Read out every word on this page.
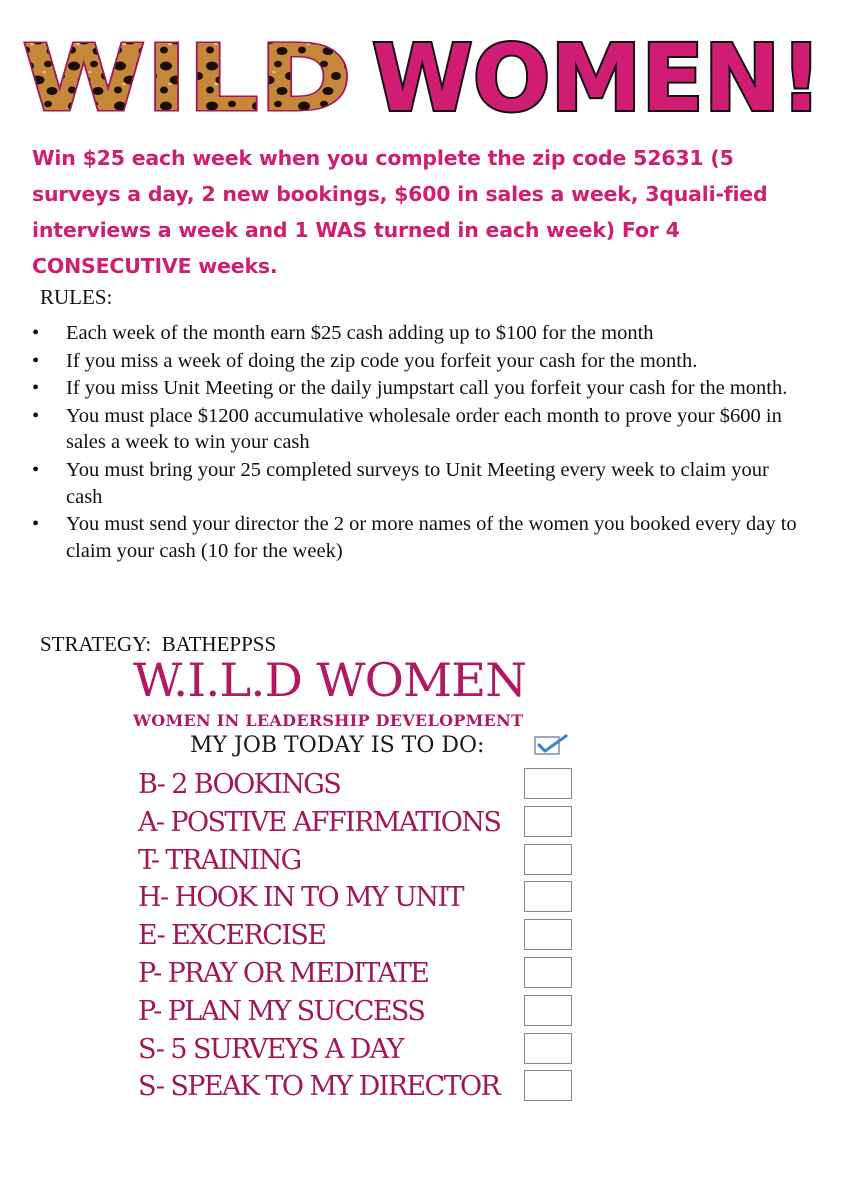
WILD WOMEN!
Win $25 each week when you complete the zip code 52631 (5 surveys a day, 2 new bookings, $600 in sales a week, 3quali-fied interviews a week and 1 WAS turned in each week) For 4 CONSECUTIVE weeks.
RULES:
• Each week of the month earn $25 cash adding up to $100 for the month
• If you miss a week of doing the zip code you forfeit your cash for the month.
• If you miss Unit Meeting or the daily jumpstart call you forfeit your cash for the month.
• You must place $1200 accumulative wholesale order each month to prove your $600 in sales a week to win your cash
• You must bring your 25 completed surveys to Unit Meeting every week to claim your cash
• You must send your director the 2 or more names of the women you booked every day to claim your cash (10 for the week)
STRATEGY:  BATHEPPSS
W.I.L.D WOMEN
WOMEN IN LEADERSHIP DEVELOPMENT
MY JOB TODAY IS TO DO:
B- 2 BOOKINGS
A- POSTIVE AFFIRMATIONS
T- TRAINING
H- HOOK IN TO MY UNIT
E- EXCERCISE
P- PRAY OR MEDITATE
P- PLAN MY SUCCESS
S- 5 SURVEYS A DAY
S- SPEAK TO MY DIRECTOR
